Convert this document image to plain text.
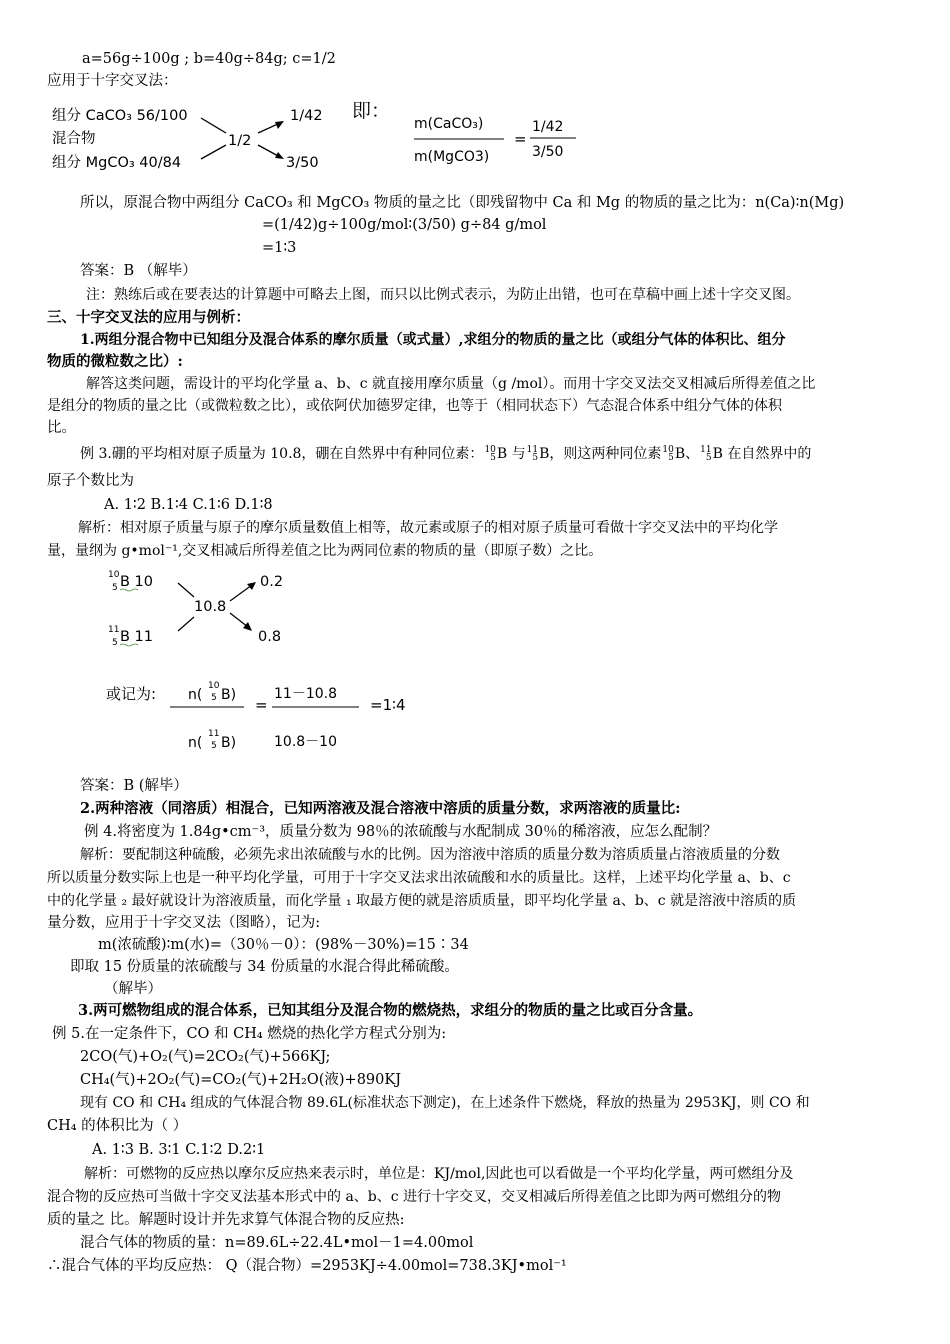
a=56g÷100g ; b=40g÷84g; c=1/2
应用于十字交叉法：
组分 CaCO₃ 56/100
混合物
组分 MgCO₃ 40/84
1/2
1/42
3/50
即：
m(CaCO₃)
m(MgCO3)
=
1/42
3/50
所以，原混合物中两组分 CaCO₃ 和 MgCO₃ 物质的量之比（即残留物中 Ca 和 Mg 的物质的量之比为：n(Ca)∶n(Mg)
=(1/42)g÷100g/mol∶(3/50) g÷84 g/mol
=1∶3
答案：B （解毕）
注：熟练后或在要表达的计算题中可略去上图，而只以比例式表示，为防止出错，也可在草稿中画上述十字交叉图。
三、十字交叉法的应用与例析：
1.两组分混合物中已知组分及混合体系的摩尔质量（或式量）,求组分的物质的量之比（或组分气体的体积比、组分
物质的微粒数之比）:
解答这类问题，需设计的平均化学量 a、b、c 就直接用摩尔质量（g /mol）。而用十字交叉法交叉相减后所得差值之比
是组分的物质的量之比（或微粒数之比），或依阿伏加德罗定律，也等于（相同状态下）气态混合体系中组分气体的体积
比。
例 3.硼的平均相对原子质量为 10.8，硼在自然界中有种同位素：10
5B 与11
5B，则这两种同位素10
5B、11
5B 在自然界中的
原子个数比为
A. 1∶2 B.1∶4 C.1∶6 D.1∶8
解析：相对原子质量与原子的摩尔质量数值上相等，故元素或原子的相对原子质量可看做十字交叉法中的平均化学
量，量纲为 g•mol⁻¹,交叉相减后所得差值之比为两同位素的物质的量（即原子数）之比。
10
5 B 10
11
5 B 11
10.8
0.2
0.8
或记为: n(
10
5 B)
n(
11
5 B)
=
11－10.8
10.8－10
=1∶4
答案：B (解毕）
2.两种溶液（同溶质）相混合，已知两溶液及混合溶液中溶质的质量分数，求两溶液的质量比:
例 4.将密度为 1.84g•cm⁻³，质量分数为 98％的浓硫酸与水配制成 30％的稀溶液，应怎么配制？
解析：要配制这种硫酸，必须先求出浓硫酸与水的比例。因为溶液中溶质的质量分数为溶质质量占溶液质量的分数
所以质量分数实际上也是一种平均化学量，可用于十字交叉法求出浓硫酸和水的质量比。这样，上述平均化学量 a、b、c
中的化学量 ₂ 最好就设计为溶液质量，而化学量 ₁ 取最方便的就是溶质质量，即平均化学量 a、b、c 就是溶液中溶质的质
量分数，应用于十字交叉法（图略），记为:
m(浓硫酸)∶m(水)=（30％－0）：(98%－30%)=15∶34
即取 15 份质量的浓硫酸与 34 份质量的水混合得此稀硫酸。
（解毕）
3.两可燃物组成的混合体系，已知其组分及混合物的燃烧热，求组分的物质的量之比或百分含量。
例 5.在一定条件下，CO 和 CH₄ 燃烧的热化学方程式分别为:
2CO(气)+O₂(气)=2CO₂(气)+566KJ;
CH₄(气)+2O₂(气)=CO₂(气)+2H₂O(液)+890KJ
现有 CO 和 CH₄ 组成的气体混合物 89.6L(标准状态下测定)，在上述条件下燃烧，释放的热量为 2953KJ，则 CO 和
CH₄ 的体积比为（ ）
A. 1∶3 B. 3∶1 C.1∶2 D.2∶1
解析：可燃物的反应热以摩尔反应热来表示时，单位是：KJ/mol,因此也可以看做是一个平均化学量，两可燃组分及
混合物的反应热可当做十字交叉法基本形式中的 a、b、c 进行十字交叉，交叉相减后所得差值之比即为两可燃组分的物
质的量之 比。解题时设计并先求算气体混合物的反应热:
混合气体的物质的量：n=89.6L÷22.4L•mol－1=4.00mol
∴混合气体的平均反应热： Q（混合物）=2953KJ÷4.00mol=738.3KJ•mol⁻¹
